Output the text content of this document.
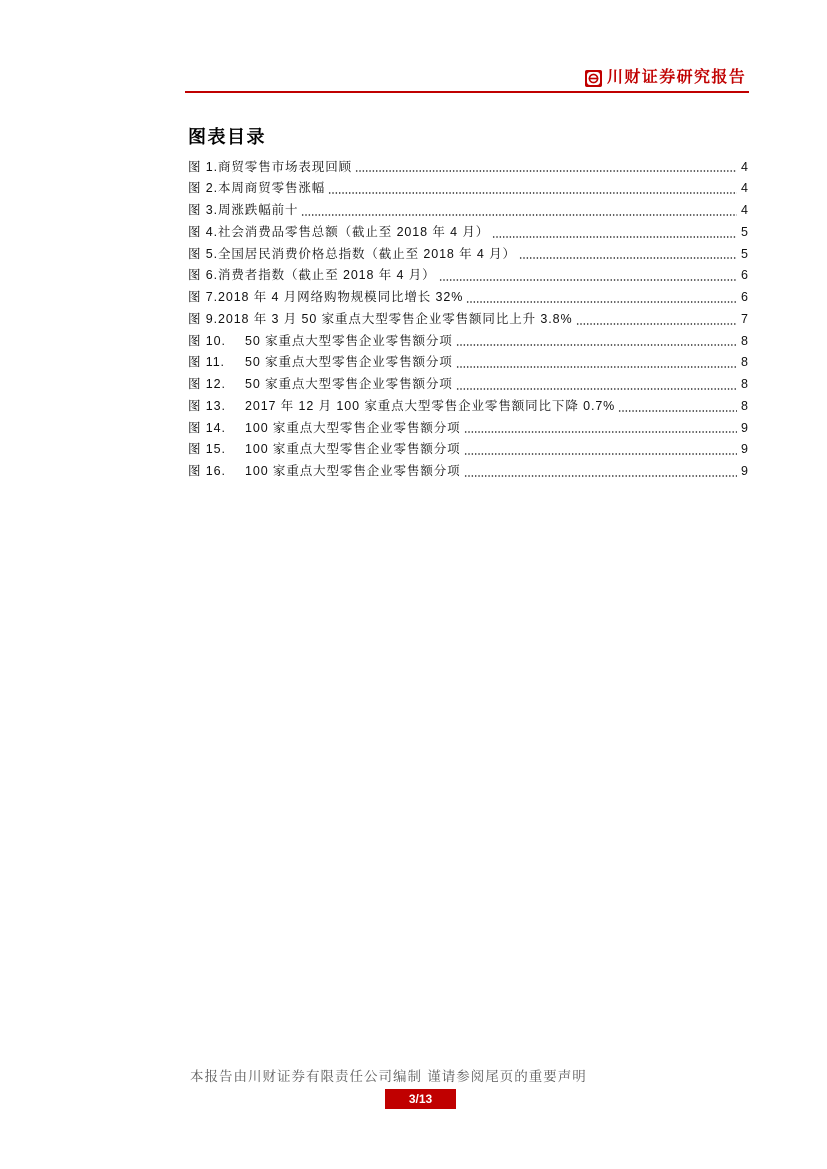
川财证券研究报告
图表目录
图 1. 商贸零售市场表现回顾	4
图 2. 本周商贸零售涨幅	4
图 3. 周涨跌幅前十	4
图 4. 社会消费品零售总额（截止至 2018 年 4 月）	5
图 5. 全国居民消费价格总指数（截止至 2018 年 4 月）	5
图 6. 消费者指数（截止至 2018 年 4 月）	6
图 7. 2018 年 4 月网络购物规模同比增长 32%	6
图 9. 2018 年 3 月 50 家重点大型零售企业零售额同比上升 3.8%	7
图 10.	50 家重点大型零售企业零售额分项	8
图 11.	50 家重点大型零售企业零售额分项	8
图 12.	50 家重点大型零售企业零售额分项	8
图 13.	2017 年 12 月 100 家重点大型零售企业零售额同比下降 0.7%	8
图 14.	100 家重点大型零售企业零售额分项	9
图 15.	100 家重点大型零售企业零售额分项	9
图 16.	100 家重点大型零售企业零售额分项	9
本报告由川财证券有限责任公司编制 谨请参阅尾页的重要声明
3/13
